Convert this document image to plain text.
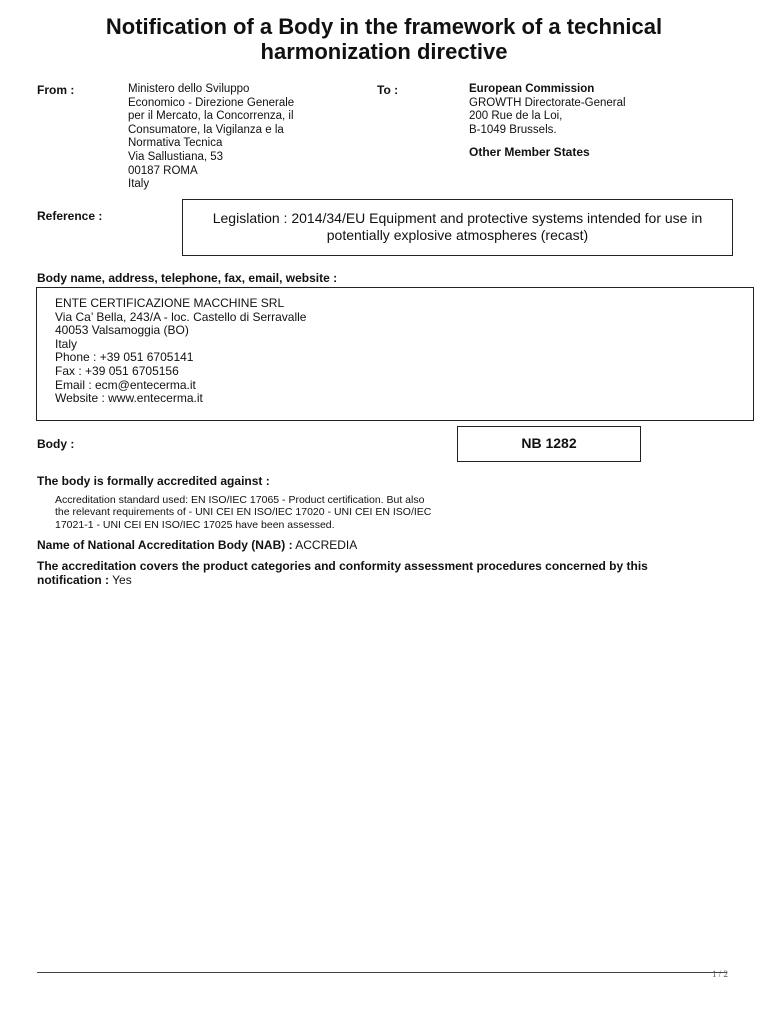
Notification of a Body in the framework of a technical harmonization directive
From :	Ministero dello Sviluppo
Economico - Direzione Generale
per il Mercato, la Concorrenza, il
Consumatore, la Vigilanza e la
Normativa Tecnica
Via Sallustiana, 53
00187 ROMA
Italy
To :	European Commission
GROWTH Directorate-General
200 Rue de la Loi,
B-1049 Brussels.
Other Member States
Reference :	Legislation : 2014/34/EU Equipment and protective systems intended for use in
potentially explosive atmospheres (recast)
Body name, address, telephone, fax, email, website :
ENTE CERTIFICAZIONE MACCHINE SRL
Via Ca’ Bella, 243/A - loc. Castello di Serravalle
40053 Valsamoggia (BO)
Italy
Phone : +39 051 6705141
Fax : +39 051 6705156
Email : ecm@entecerma.it
Website : www.entecerma.it
Body :	NB 1282
The body is formally accredited against :
Accreditation standard used: EN ISO/IEC 17065 - Product certification. But also
the relevant requirements of - UNI CEI EN ISO/IEC 17020 - UNI CEI EN ISO/IEC
17021-1 - UNI CEI EN ISO/IEC 17025 have been assessed.
Name of National Accreditation Body (NAB) : ACCREDIA
The accreditation covers the product categories and conformity assessment procedures concerned by this
notification : Yes
1 / 2
